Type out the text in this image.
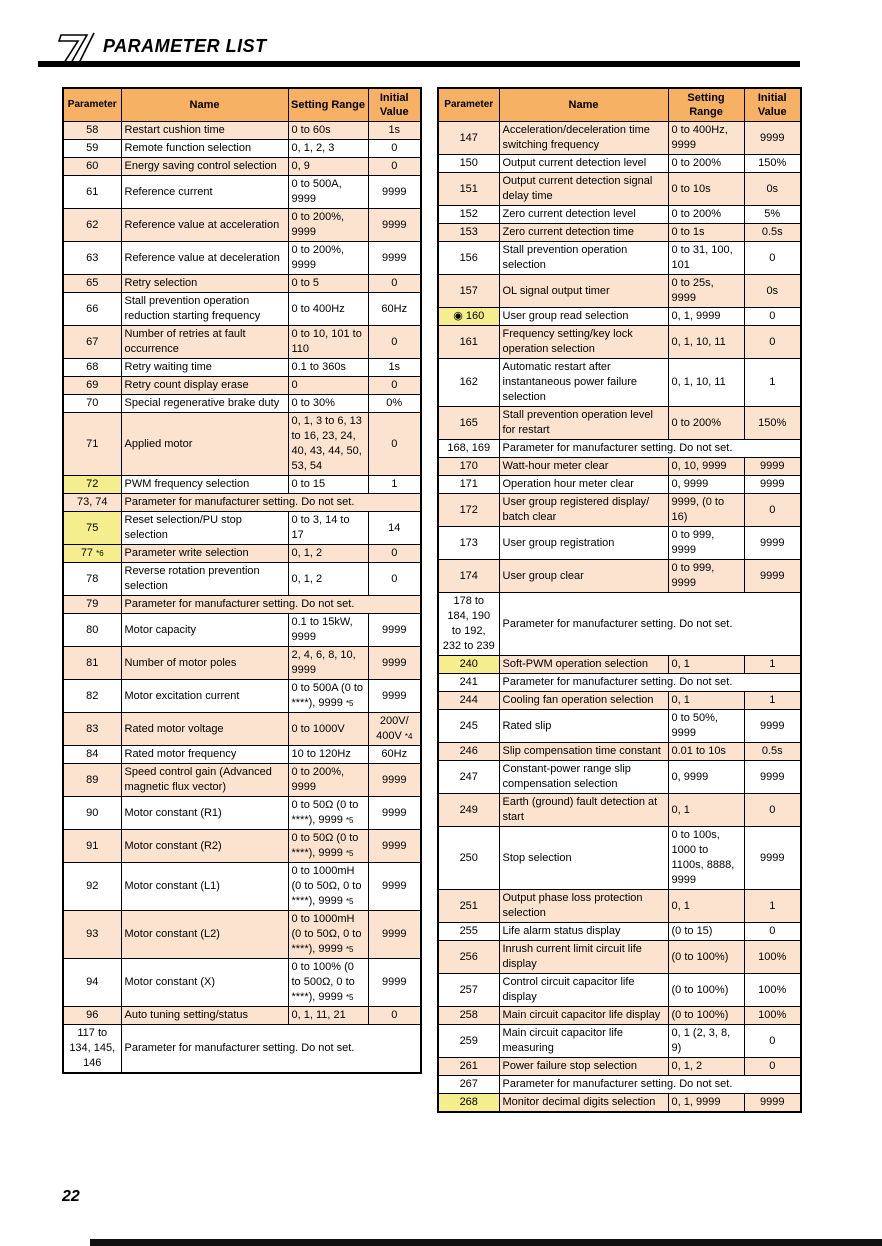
PARAMETER LIST
Parameter	Name	Setting Range	Initial Value
58	Restart cushion time	0 to 60s	1s
59	Remote function selection	0, 1, 2, 3	0
60	Energy saving control selection	0, 9	0
61	Reference current	0 to 500A, 9999	9999
62	Reference value at acceleration	0 to 200%, 9999	9999
63	Reference value at deceleration	0 to 200%, 9999	9999
65	Retry selection	0 to 5	0
66	Stall prevention operation reduction starting frequency	0 to 400Hz	60Hz
67	Number of retries at fault occurrence	0 to 10, 101 to 110	0
68	Retry waiting time	0.1 to 360s	1s
69	Retry count display erase	0	0
70	Special regenerative brake duty	0 to 30%	0%
71	Applied motor	0, 1, 3 to 6, 13 to 16, 23, 24, 40, 43, 44, 50, 53, 54	0
72	PWM frequency selection	0 to 15	1
73, 74	Parameter for manufacturer setting. Do not set.		
75	Reset selection/PU stop selection	0 to 3, 14 to 17	14
77 *6	Parameter write selection	0, 1, 2	0
78	Reverse rotation prevention selection	0, 1, 2	0
79	Parameter for manufacturer setting. Do not set.		
80	Motor capacity	0.1 to 15kW, 9999	9999
81	Number of motor poles	2, 4, 6, 8, 10, 9999	9999
82	Motor excitation current	0 to 500A (0 to ****), 9999 *5	9999
83	Rated motor voltage	0 to 1000V	200V/ 400V *4
84	Rated motor frequency	10 to 120Hz	60Hz
89	Speed control gain (Advanced magnetic flux vector)	0 to 200%, 9999	9999
90	Motor constant (R1)	0 to 50Ω (0 to ****), 9999 *5	9999
91	Motor constant (R2)	0 to 50Ω (0 to ****), 9999 *5	9999
92	Motor constant (L1)	0 to 1000mH (0 to 50Ω, 0 to ****), 9999 *5	9999
93	Motor constant (L2)	0 to 1000mH (0 to 50Ω, 0 to ****), 9999 *5	9999
94	Motor constant (X)	0 to 100% (0 to 500Ω, 0 to ****), 9999 *5	9999
96	Auto tuning setting/status	0, 1, 11, 21	0
117 to 134, 145, 146	Parameter for manufacturer setting. Do not set.		
Parameter	Name	Setting Range	Initial Value
147	Acceleration/deceleration time switching frequency	0 to 400Hz, 9999	9999
150	Output current detection level	0 to 200%	150%
151	Output current detection signal delay time	0 to 10s	0s
152	Zero current detection level	0 to 200%	5%
153	Zero current detection time	0 to 1s	0.5s
156	Stall prevention operation selection	0 to 31, 100, 101	0
157	OL signal output timer	0 to 25s, 9999	0s
◉ 160	User group read selection	0, 1, 9999	0
161	Frequency setting/key lock operation selection	0, 1, 10, 11	0
162	Automatic restart after instantaneous power failure selection	0, 1, 10, 11	1
165	Stall prevention operation level for restart	0 to 200%	150%
168, 169	Parameter for manufacturer setting. Do not set.		
170	Watt-hour meter clear	0, 10, 9999	9999
171	Operation hour meter clear	0, 9999	9999
172	User group registered display/ batch clear	9999, (0 to 16)	0
173	User group registration	0 to 999, 9999	9999
174	User group clear	0 to 999, 9999	9999
178 to 184, 190 to 192, 232 to 239	Parameter for manufacturer setting. Do not set.		
240	Soft-PWM operation selection	0, 1	1
241	Parameter for manufacturer setting. Do not set.		
244	Cooling fan operation selection	0, 1	1
245	Rated slip	0 to 50%, 9999	9999
246	Slip compensation time constant	0.01 to 10s	0.5s
247	Constant-power range slip compensation selection	0, 9999	9999
249	Earth (ground) fault detection at start	0, 1	0
250	Stop selection	0 to 100s, 1000 to 1100s, 8888, 9999	9999
251	Output phase loss protection selection	0, 1	1
255	Life alarm status display	(0 to 15)	0
256	Inrush current limit circuit life display	(0 to 100%)	100%
257	Control circuit capacitor life display	(0 to 100%)	100%
258	Main circuit capacitor life display	(0 to 100%)	100%
259	Main circuit capacitor life measuring	0, 1 (2, 3, 8, 9)	0
261	Power failure stop selection	0, 1, 2	0
267	Parameter for manufacturer setting. Do not set.		
268	Monitor decimal digits selection	0, 1, 9999	9999
22
